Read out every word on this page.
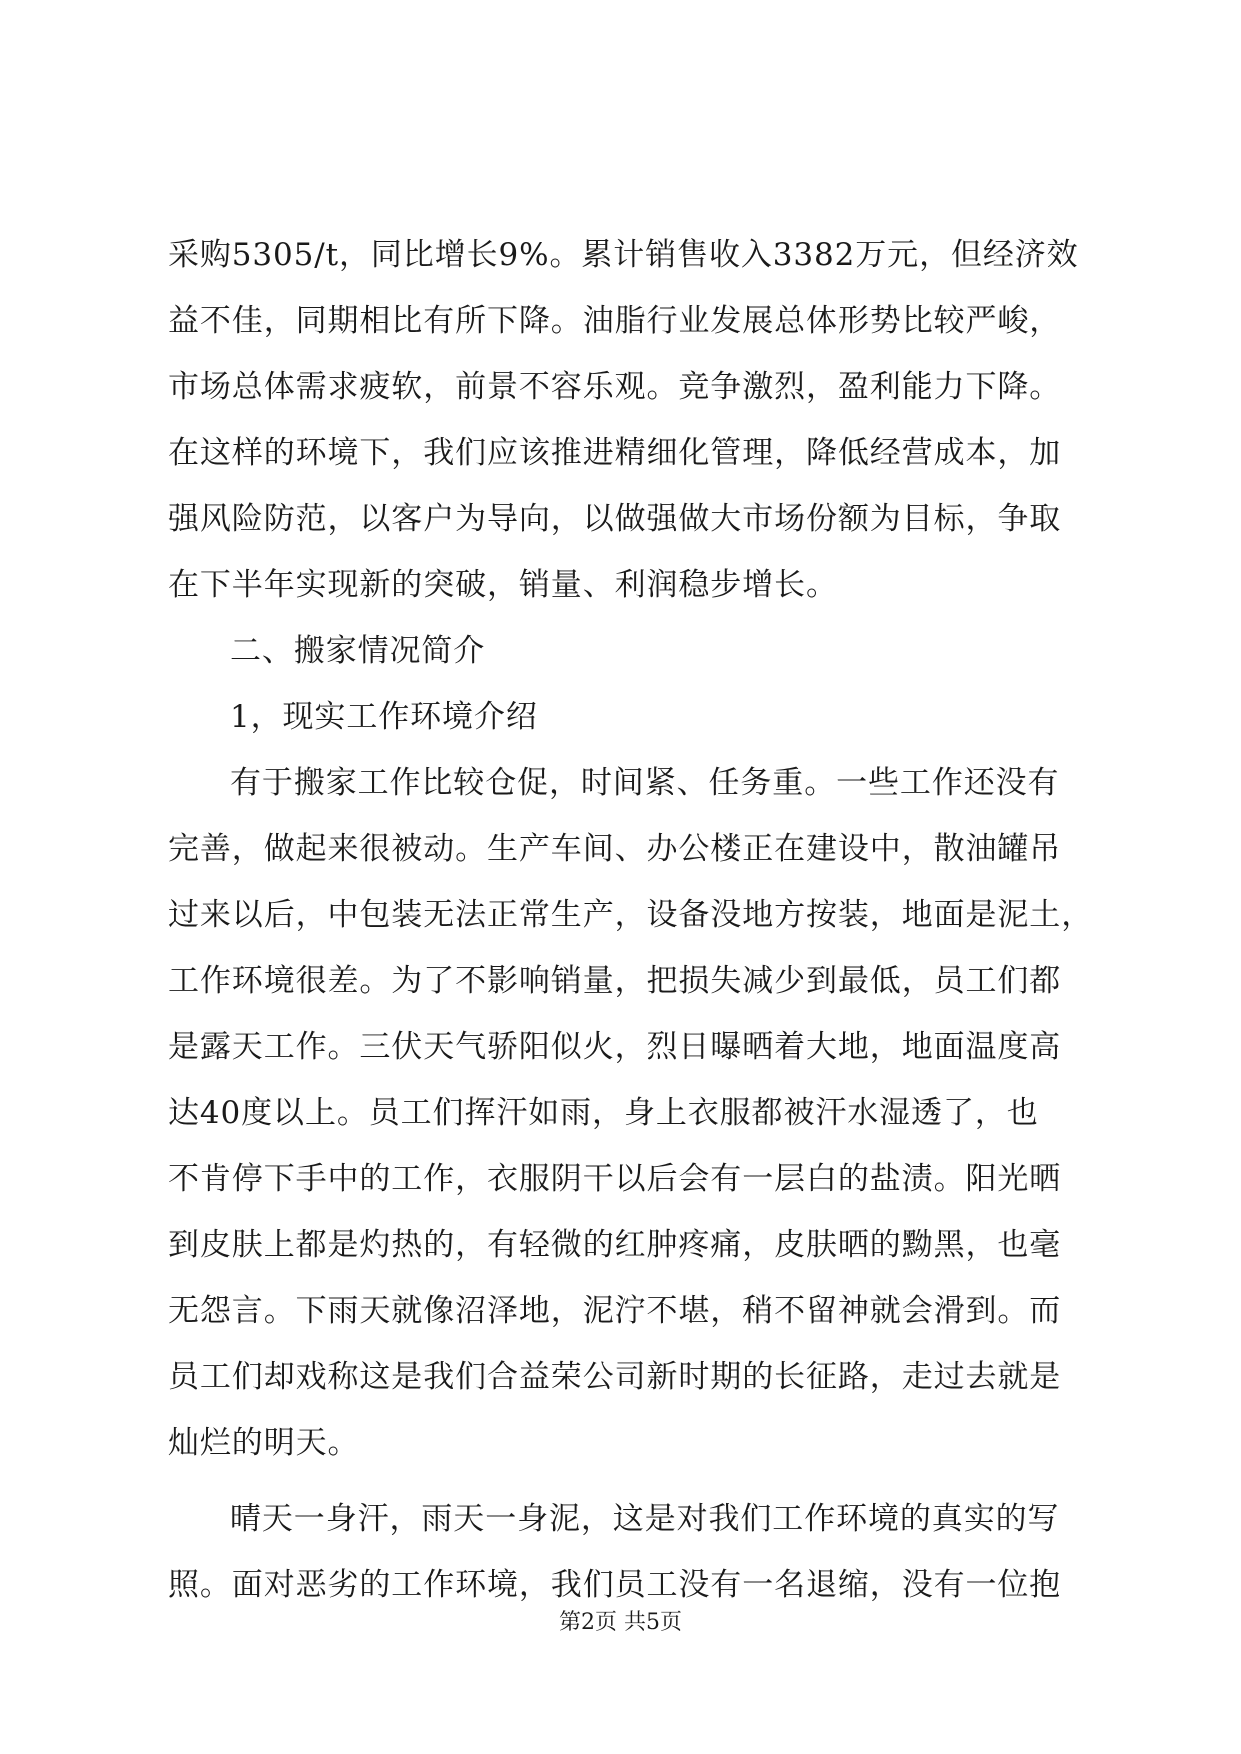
采购5305/t，同比增长9%。累计销售收入3382万元，但经济效
益不佳，同期相比有所下降。油脂行业发展总体形势比较严峻，
市场总体需求疲软，前景不容乐观。竞争激烈，盈利能力下降。
在这样的环境下，我们应该推进精细化管理，降低经营成本，加
强风险防范，以客户为导向，以做强做大市场份额为目标，争取
在下半年实现新的突破，销量、利润稳步增长。
二、搬家情况简介
1，现实工作环境介绍
有于搬家工作比较仓促，时间紧、任务重。一些工作还没有
完善，做起来很被动。生产车间、办公楼正在建设中，散油罐吊
过来以后，中包装无法正常生产，设备没地方按装，地面是泥土，
工作环境很差。为了不影响销量，把损失减少到最低，员工们都
是露天工作。三伏天气骄阳似火，烈日曝晒着大地，地面温度高
达40度以上。员工们挥汗如雨，身上衣服都被汗水湿透了，也
不肯停下手中的工作，衣服阴干以后会有一层白的盐渍。阳光晒
到皮肤上都是灼热的，有轻微的红肿疼痛，皮肤晒的黝黑，也毫
无怨言。下雨天就像沼泽地，泥泞不堪，稍不留神就会滑到。而
员工们却戏称这是我们合益荣公司新时期的长征路，走过去就是
灿烂的明天。
晴天一身汗，雨天一身泥，这是对我们工作环境的真实的写
照。面对恶劣的工作环境，我们员工没有一名退缩，没有一位抱
第2页 共5页
